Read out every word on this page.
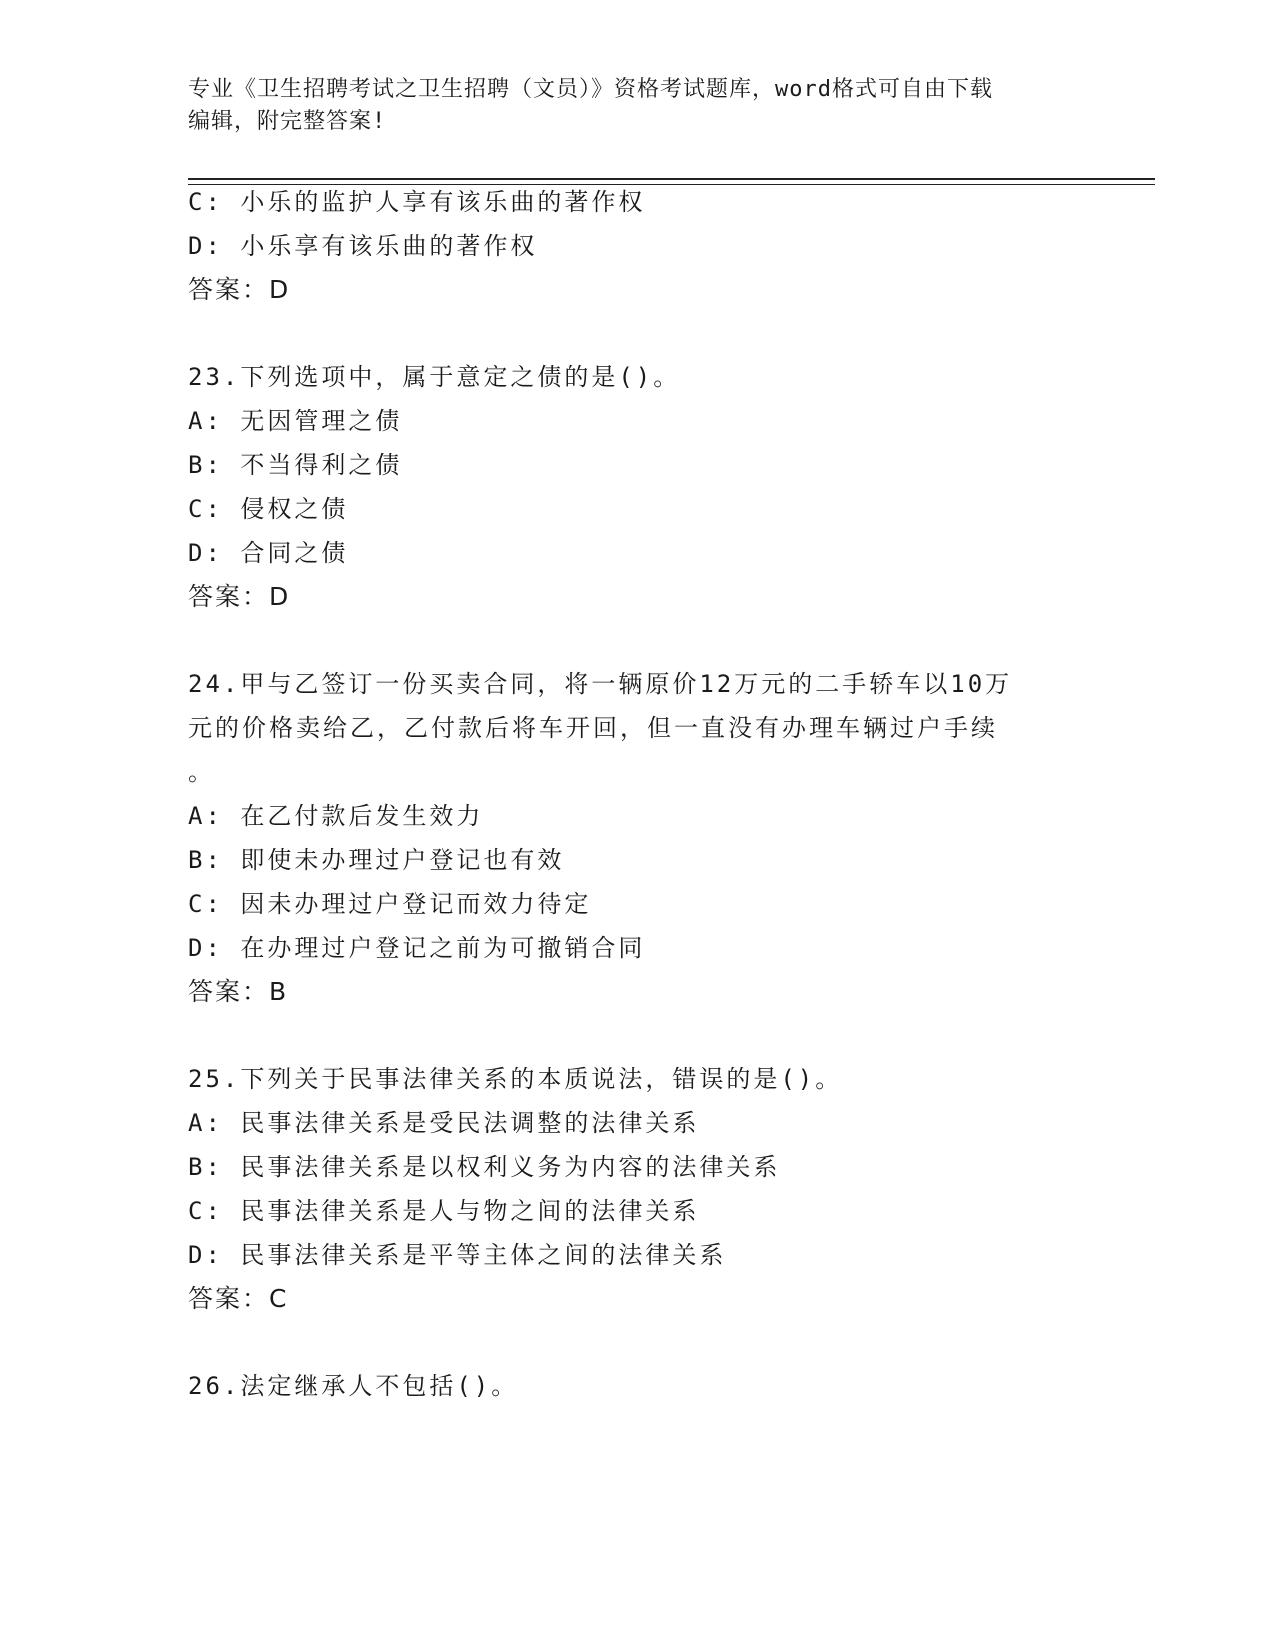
专业《卫生招聘考试之卫生招聘（文员）》资格考试题库，word格式可自由下载
编辑，附完整答案!
C: 小乐的监护人享有该乐曲的著作权
D: 小乐享有该乐曲的著作权
答案：D
23.下列选项中，属于意定之债的是()。
A: 无因管理之债
B: 不当得利之债
C: 侵权之债
D: 合同之债
答案：D
24.甲与乙签订一份买卖合同，将一辆原价12万元的二手轿车以10万
元的价格卖给乙，乙付款后将车开回，但一直没有办理车辆过户手续
。
A: 在乙付款后发生效力
B: 即使未办理过户登记也有效
C: 因未办理过户登记而效力待定
D: 在办理过户登记之前为可撤销合同
答案：B
25.下列关于民事法律关系的本质说法，错误的是()。
A: 民事法律关系是受民法调整的法律关系
B: 民事法律关系是以权利义务为内容的法律关系
C: 民事法律关系是人与物之间的法律关系
D: 民事法律关系是平等主体之间的法律关系
答案：C
26.法定继承人不包括()。
